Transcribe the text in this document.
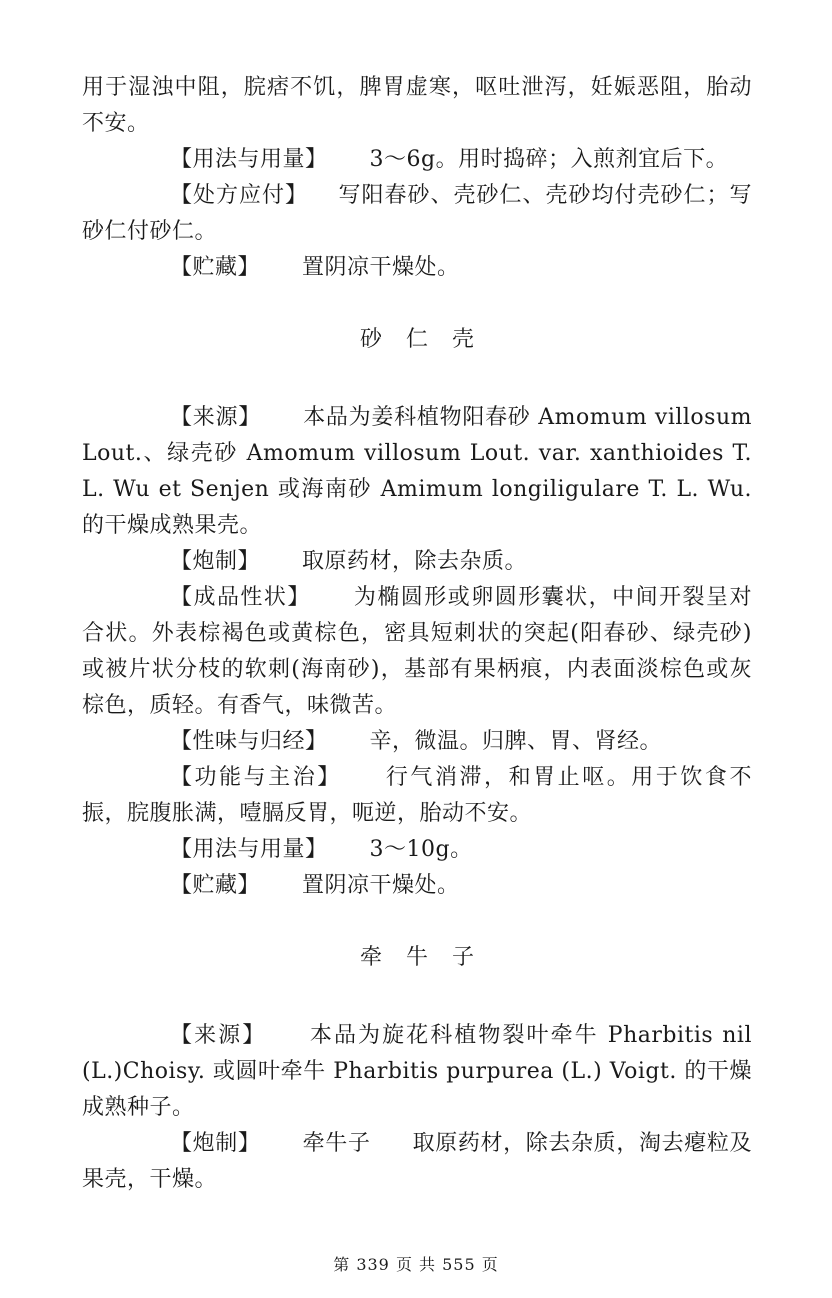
用于湿浊中阻，脘痞不饥，脾胃虚寒，呕吐泄泻，妊娠恶阻，胎动不安。

【用法与用量】 3～6g。用时捣碎；入煎剂宜后下。

【处方应付】 写阳春砂、壳砂仁、壳砂均付壳砂仁；写砂仁付砂仁。

【贮藏】 置阴凉干燥处。

砂仁壳

【来源】 本品为姜科植物阳春砂 Amomum villosum Lout.、绿壳砂 Amomum villosum Lout. var. xanthioides T. L. Wu et Senjen 或海南砂 Amimum longiligulare T. L. Wu. 的干燥成熟果壳。

【炮制】 取原药材，除去杂质。

【成品性状】 为椭圆形或卵圆形囊状，中间开裂呈对合状。外表棕褐色或黄棕色，密具短刺状的突起(阳春砂、绿壳砂)或被片状分枝的软刺(海南砂)，基部有果柄痕，内表面淡棕色或灰棕色，质轻。有香气，味微苦。

【性味与归经】 辛，微温。归脾、胃、肾经。

【功能与主治】 行气消滞，和胃止呕。用于饮食不振，脘腹胀满，噎膈反胃，呃逆，胎动不安。

【用法与用量】 3～10g。

【贮藏】 置阴凉干燥处。

牵牛子

【来源】 本品为旋花科植物裂叶牵牛 Pharbitis nil (L.)Choisy. 或圆叶牵牛 Pharbitis purpurea (L.) Voigt. 的干燥成熟种子。

【炮制】 牵牛子 取原药材，除去杂质，淘去瘪粒及果壳，干燥。

第 339 页 共 555 页
